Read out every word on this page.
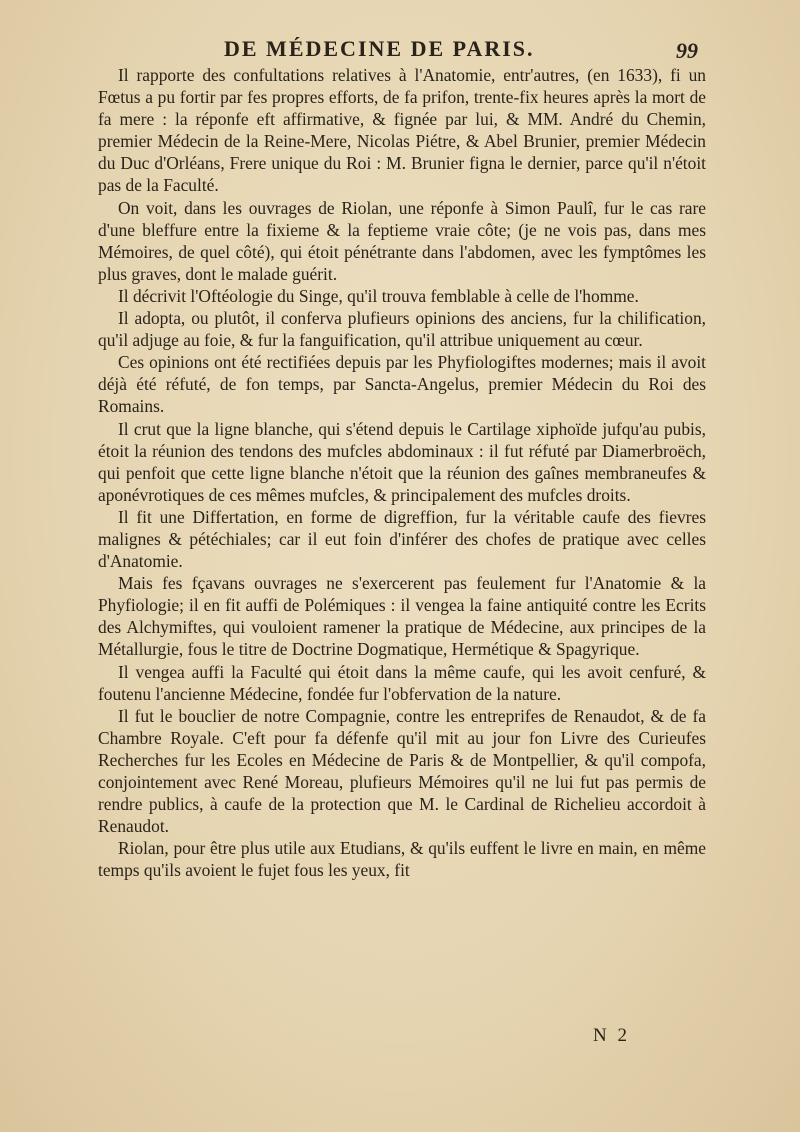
DE MÉDECINE DE PARIS.	99

Il rapporte des confultations relatives à l'Anatomie, entr'autres, (en 1633), fi un Fœtus a pu fortir par fes propres efforts, de fa prifon, trente-fix heures après la mort de fa mere : la réponfe eft affirmative, & fignée par lui, & MM. André du Chemin, premier Médecin de la Reine-Mere, Nicolas Piétre, & Abel Brunier, premier Médecin du Duc d'Orléans, Frere unique du Roi : M. Brunier figna le dernier, parce qu'il n'étoit pas de la Faculté.

On voit, dans les ouvrages de Riolan, une réponfe à Simon Paulî, fur le cas rare d'une bleffure entre la fixieme & la feptieme vraie côte; (je ne vois pas, dans mes Mémoires, de quel côté), qui étoit pénétrante dans l'abdomen, avec les fymptômes les plus graves, dont le malade guérit.

Il décrivit l'Oftéologie du Singe, qu'il trouva femblable à celle de l'homme.

Il adopta, ou plutôt, il conferva plufieurs opinions des anciens, fur la chilification, qu'il adjuge au foie, & fur la fanguification, qu'il attribue uniquement au cœur.

Ces opinions ont été rectifiées depuis par les Phyfiologiftes modernes; mais il avoit déjà été réfuté, de fon temps, par Sancta-Angelus, premier Médecin du Roi des Romains.

Il crut que la ligne blanche, qui s'étend depuis le Cartilage xiphoïde jufqu'au pubis, étoit la réunion des tendons des mufcles abdominaux : il fut réfuté par Diamerbroëch, qui penfoit que cette ligne blanche n'étoit que la réunion des gaînes membraneufes & aponévrotiques de ces mêmes mufcles, & principalement des mufcles droits.

Il fit une Differtation, en forme de digreffion, fur la véritable caufe des fievres malignes & pétéchiales; car il eut foin d'inférer des chofes de pratique avec celles d'Anatomie.

Mais fes fçavans ouvrages ne s'exercerent pas feulement fur l'Anatomie & la Phyfiologie; il en fit auffi de Polémiques : il vengea la faine antiquité contre les Ecrits des Alchymiftes, qui vouloient ramener la pratique de Médecine, aux principes de la Métallurgie, fous le titre de Doctrine Dogmatique, Hermétique & Spagyrique.

Il vengea auffi la Faculté qui étoit dans la même caufe, qui les avoit cenfuré, & foutenu l'ancienne Médecine, fondée fur l'obfervation de la nature.

Il fut le bouclier de notre Compagnie, contre les entreprifes de Renaudot, & de fa Chambre Royale. C'eft pour fa défenfe qu'il mit au jour fon Livre des Curieufes Recherches fur les Ecoles en Médecine de Paris & de Montpellier, & qu'il compofa, conjointement avec René Moreau, plufieurs Mémoires qu'il ne lui fut pas permis de rendre publics, à caufe de la protection que M. le Cardinal de Richelieu accordoit à Renaudot.

Riolan, pour être plus utile aux Etudians, & qu'ils euffent le livre en main, en même temps qu'ils avoient le fujet fous les yeux, fit

N 2
